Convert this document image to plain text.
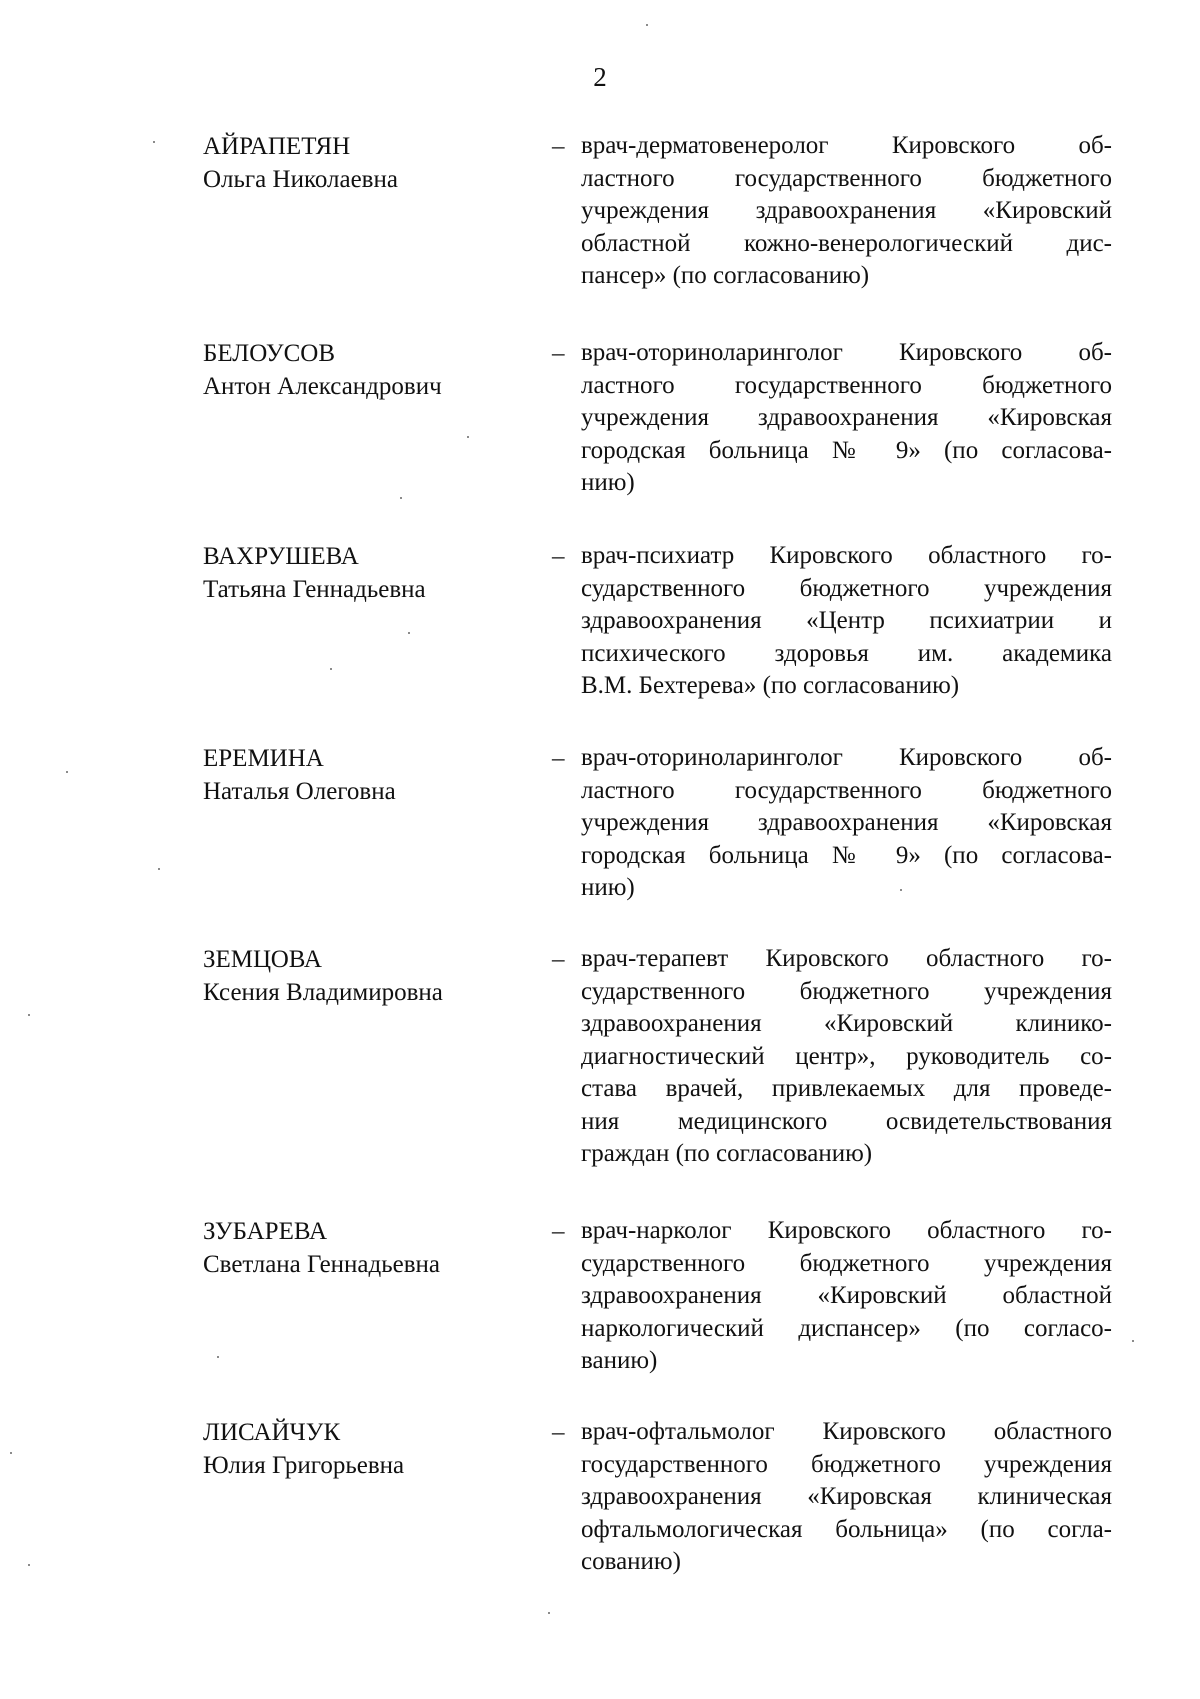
2
АЙРАПЕТЯН
Ольга Николаевна
– врач-дерматовенеролог Кировского об-
ластного государственного бюджетного
учреждения здравоохранения «Кировский
областной кожно-венерологический дис-
пансер» (по согласованию)
БЕЛОУСОВ
Антон Александрович
– врач-оториноларинголог Кировского об-
ластного государственного бюджетного
учреждения здравоохранения «Кировская
городская больница № 9» (по согласова-
нию)
ВАХРУШЕВА
Татьяна Геннадьевна
– врач-психиатр Кировского областного го-
сударственного бюджетного учреждения
здравоохранения «Центр психиатрии и
психического здоровья им. академика
В.М. Бехтерева» (по согласованию)
ЕРЕМИНА
Наталья Олеговна
– врач-оториноларинголог Кировского об-
ластного государственного бюджетного
учреждения здравоохранения «Кировская
городская больница № 9» (по согласова-
нию)
ЗЕМЦОВА
Ксения Владимировна
– врач-терапевт Кировского областного го-
сударственного бюджетного учреждения
здравоохранения «Кировский клинико-
диагностический центр», руководитель со-
става врачей, привлекаемых для проведе-
ния медицинского освидетельствования
граждан (по согласованию)
ЗУБАРЕВА
Светлана Геннадьевна
– врач-нарколог Кировского областного го-
сударственного бюджетного учреждения
здравоохранения «Кировский областной
наркологический диспансер» (по согласо-
ванию)
ЛИСАЙЧУК
Юлия Григорьевна
– врач-офтальмолог Кировского областного
государственного бюджетного учреждения
здравоохранения «Кировская клиническая
офтальмологическая больница» (по согла-
сованию)
